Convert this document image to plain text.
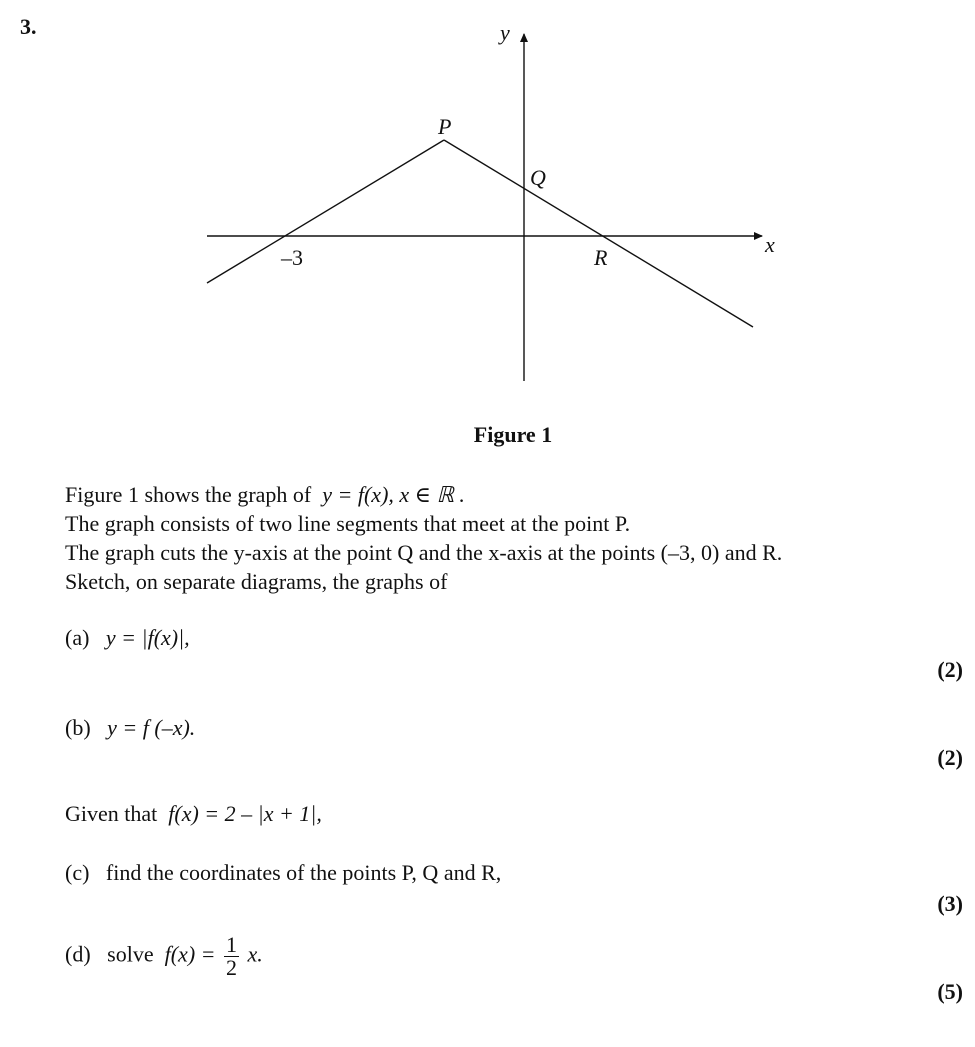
3.	y
x
P
Q
R
–3
Figure 1
Figure 1 shows the graph of y = f(x), x ∈ ℝ .
The graph consists of two line segments that meet at the point P.
The graph cuts the y-axis at the point Q and the x-axis at the points (–3, 0) and R.
Sketch, on separate diagrams, the graphs of
(a) y = |f(x)|,
(2)
(b) y = f (–x).
(2)
Given that f(x) = 2 – |x + 1|,
(c) find the coordinates of the points P, Q and R,
(3)
(d) solve $f(x) = \frac{1}{2} x$.
(5)
